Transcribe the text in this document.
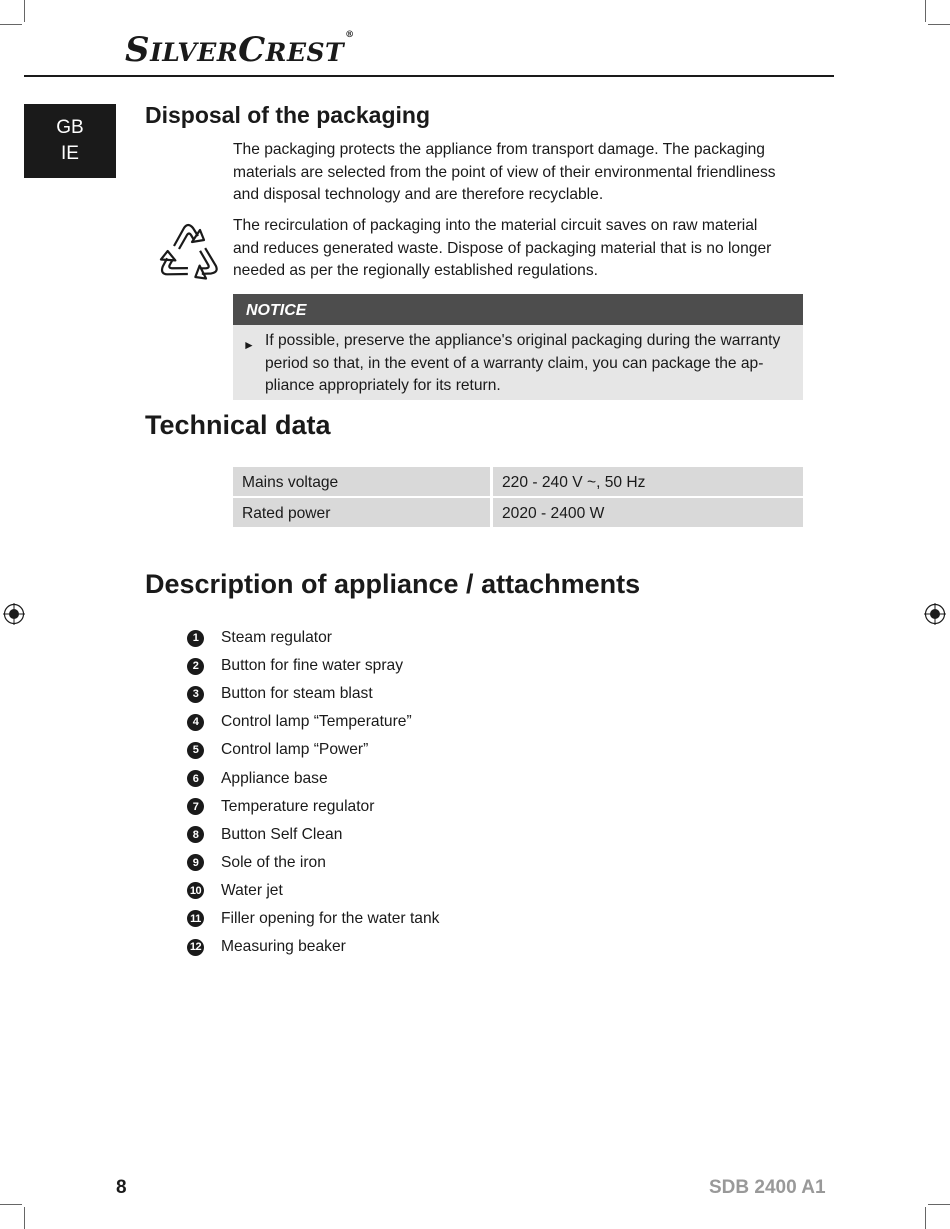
SILVERCREST®
GB
IE
Disposal of the packaging

The packaging protects the appliance from transport damage. The packaging
materials are selected from the point of view of their environmental friendliness
and disposal technology and are therefore recyclable.

The recirculation of packaging into the material circuit saves on raw material
and reduces generated waste. Dispose of packaging material that is no longer
needed as per the regionally established regulations.

NOTICE
► If possible, preserve the appliance's original packaging during the warranty
period so that, in the event of a warranty claim, you can package the ap-
pliance appropriately for its return.
Technical data
Mains voltage	220 - 240 V ~, 50 Hz
Rated power	2020 - 2400 W
Description of appliance / attachments
1	Steam regulator
2	Button for fine water spray
3	Button for steam blast
4	Control lamp “Temperature”
5	Control lamp “Power”
6	Appliance base
7	Temperature regulator
8	Button Self Clean
9	Sole of the iron
10 Water jet
11 Filler opening for the water tank
12 Measuring beaker
8	SDB 2400 A1
